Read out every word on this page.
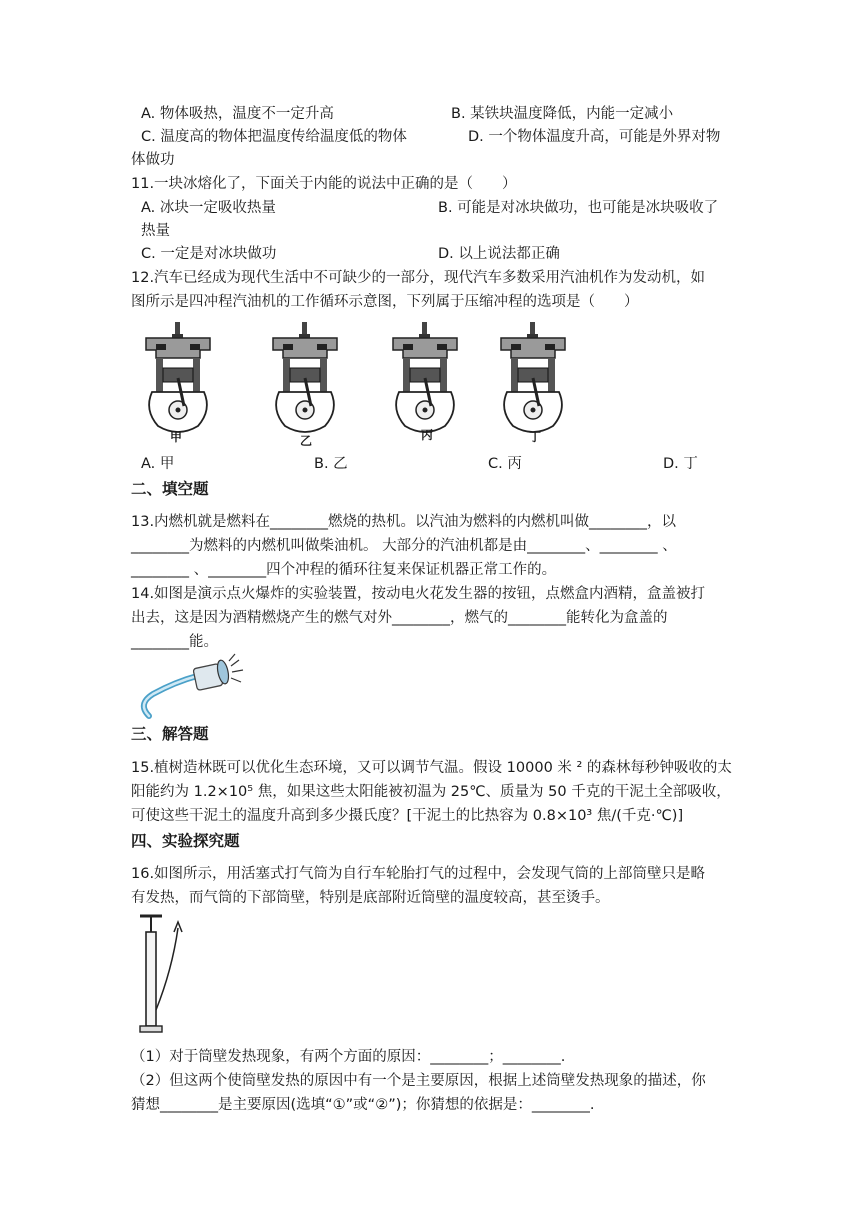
A. 物体吸热，温度不一定升高	B. 某铁块温度降低，内能一定减小
C. 温度高的物体把温度传给温度低的物体	D. 一个物体温度升高，可能是外界对物
体做功
11.一块冰熔化了，下面关于内能的说法中正确的是（　　）
A. 冰块一定吸收热量	B. 可能是对冰块做功，也可能是冰块吸收了
热量
C. 一定是对冰块做功	D. 以上说法都正确
12.汽车已经成为现代生活中不可缺少的一部分，现代汽车多数采用汽油机作为发动机，如
图所示是四冲程汽油机的工作循环示意图，下列属于压缩冲程的选项是（　　）
甲	乙	丙	丁
A. 甲	B. 乙	C. 丙	D. 丁
二、填空题
13.内燃机就是燃料在________燃烧的热机。以汽油为燃料的内燃机叫做________，以
________为燃料的内燃机叫做柴油机。 大部分的汽油机都是由________、________ 、
________ 、________四个冲程的循环往复来保证机器正常工作的。
14.如图是演示点火爆炸的实验装置，按动电火花发生器的按钮，点燃盒内酒精，盒盖被打
出去，这是因为酒精燃烧产生的燃气对外________，燃气的________能转化为盒盖的
________能。
三、解答题
15.植树造林既可以优化生态环境，又可以调节气温。假设 10000 米 ² 的森林每秒钟吸收的太
阳能约为 1.2×10⁵ 焦，如果这些太阳能被初温为 25℃、质量为 50 千克的干泥土全部吸收，
可使这些干泥土的温度升高到多少摄氏度？[干泥土的比热容为 0.8×10³ 焦/(千克·℃)]
四、实验探究题
16.如图所示，用活塞式打气筒为自行车轮胎打气的过程中，会发现气筒的上部筒壁只是略
有发热，而气筒的下部筒壁，特别是底部附近筒壁的温度较高，甚至烫手。
（1）对于筒壁发热现象，有两个方面的原因：________；________.
（2）但这两个使筒壁发热的原因中有一个是主要原因，根据上述筒壁发热现象的描述，你
猜想________是主要原因(选填“①”或“②”)；你猜想的依据是：________.
